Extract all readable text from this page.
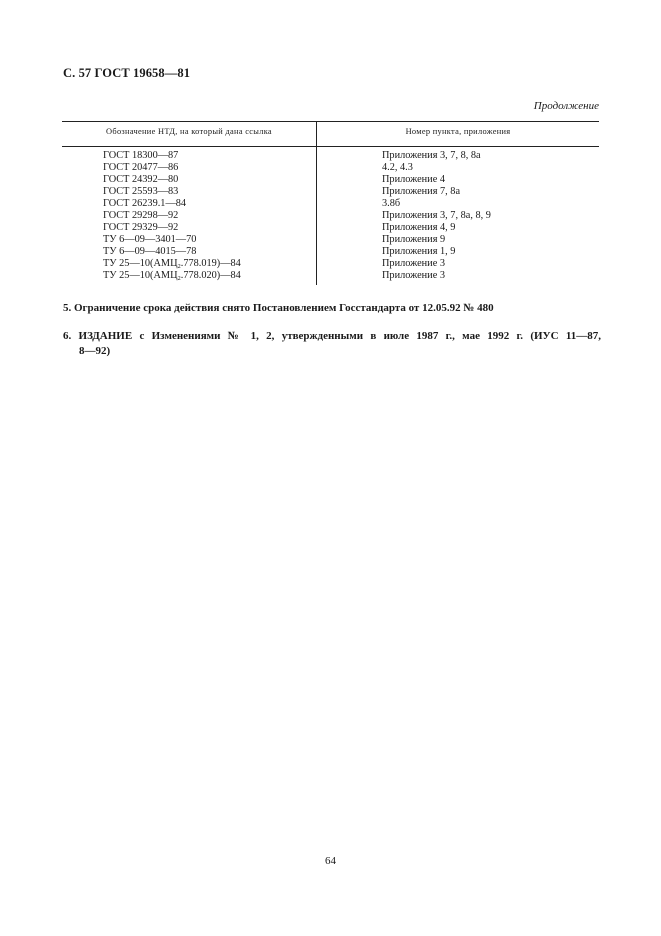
С. 57 ГОСТ 19658—81
Продолжение
Обозначение НТД, на который дана ссылка	Номер пункта, приложения
ГОСТ 18300—87	Приложения 3, 7, 8, 8а
ГОСТ 20477—86	4.2, 4.3
ГОСТ 24392—80	Приложение 4
ГОСТ 25593—83	Приложения 7, 8а
ГОСТ 26239.1—84	3.8б
ГОСТ 29298—92	Приложения 3, 7, 8а, 8, 9
ГОСТ 29329—92	Приложения 4, 9
ТУ 6—09—3401—70	Приложения 9
ТУ 6—09—4015—78	Приложения 1, 9
ТУ $25—10(АМЦ_2.778.019)—84$	Приложение 3
ТУ $25—10(АМЦ_2.778.020)—84$	Приложение 3
5. Ограничение срока действия снято Постановлением Госстандарта от 12.05.92 № 480
6. ИЗДАНИЕ с Изменениями № 1, 2, утвержденными в июле 1987 г., мае 1992 г. (ИУС 11—87,
8—92)
64
